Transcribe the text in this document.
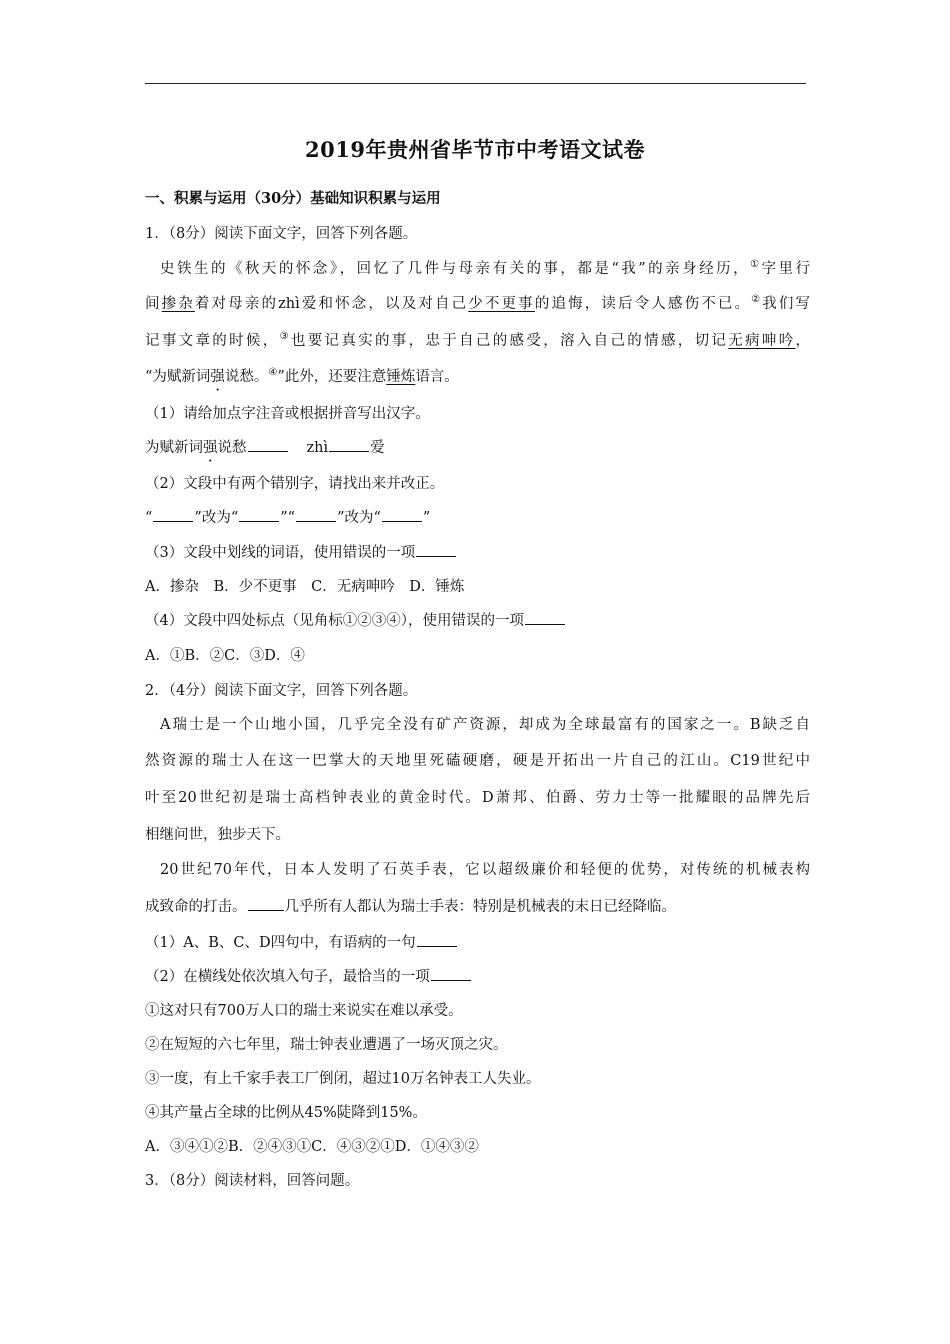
2019年贵州省毕节市中考语文试卷
一、积累与运用（30分）基础知识积累与运用
1．（8分）阅读下面文字，回答下列各题。
史铁生的《秋天的怀念》，回忆了几件与母亲有关的事，都是“我”的亲身经历，①字里行
间掺杂着对母亲的zhì爱和怀念，以及对自己少不更事的追悔，读后令人感伤不已。②我们写
记事文章的时候，③也要记真实的事，忠于自己的感受，溶入自己的情感，切记无病呻吟，
“为赋新词强说愁。④”此外，还要注意锤炼语言。
（1）请给加点字注音或根据拼音写出汉字。
为赋新词强说愁	zhì	爱
（2）文段中有两个错别字，请找出来并改正。
“	”改为“	”“	”改为“	”
（3）文段中划线的词语，使用错误的一项
A．掺杂　B．少不更事　C．无病呻吟　D．锤炼
（4）文段中四处标点（见角标①②③④），使用错误的一项
A．①B．②C．③D．④
2．（4分）阅读下面文字，回答下列各题。
A瑞士是一个山地小国，几乎完全没有矿产资源，却成为全球最富有的国家之一。B缺乏自
然资源的瑞士人在这一巴掌大的天地里死磕硬磨，硬是开拓出一片自己的江山。C19世纪中
叶至20世纪初是瑞士高档钟表业的黄金时代。D萧邦、伯爵、劳力士等一批耀眼的品牌先后
相继问世，独步天下。
20世纪70年代，日本人发明了石英手表，它以超级廉价和轻便的优势，对传统的机械表构
成致命的打击。	几乎所有人都认为瑞士手表：特别是机械表的末日已经降临。
（1）A、B、C、D四句中，有语病的一句
（2）在横线处依次填入句子，最恰当的一项
①这对只有700万人口的瑞士来说实在难以承受。
②在短短的六七年里，瑞士钟表业遭遇了一场灭顶之灾。
③一度，有上千家手表工厂倒闭，超过10万名钟表工人失业。
④其产量占全球的比例从45%陡降到15%。
A．③④①②B．②④③①C．④③②①D．①④③②
3．（8分）阅读材料，回答问题。
